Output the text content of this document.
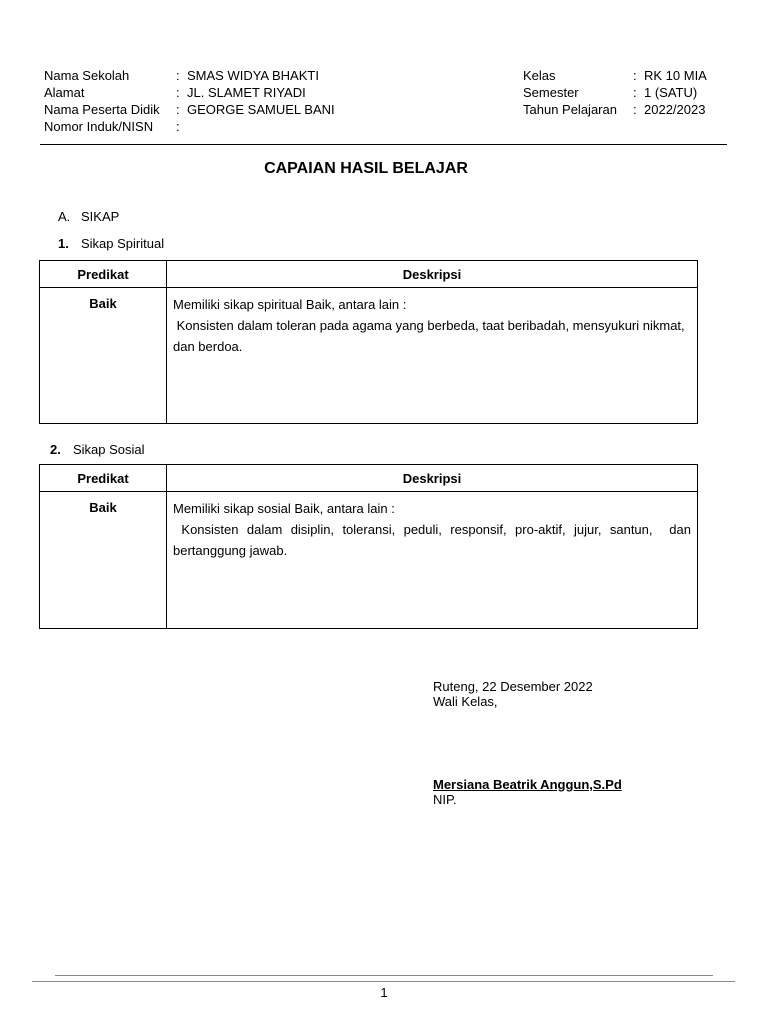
Nama Sekolah	: SMAS WIDYA BHAKTI
Alamat	: JL. SLAMET RIYADI
Nama Peserta Didik : GEORGE SAMUEL BANI
Nomor Induk/NISN :
Kelas	: RK 10 MIA
Semester	: 1 (SATU)
Tahun Pelajaran : 2022/2023
CAPAIAN HASIL BELAJAR
A. SIKAP
1. Sikap Spiritual
Predikat	Deskripsi
Baik	Memiliki sikap spiritual Baik, antara lain :
Konsisten dalam toleran pada agama yang berbeda, taat beribadah, mensyukuri nikmat, dan berdoa.
2. Sikap Sosial
Predikat	Deskripsi
Baik	Memiliki sikap sosial Baik, antara lain :
Konsisten dalam disiplin, toleransi, peduli, responsif, pro-aktif, jujur, santun,  dan bertanggung jawab.
Ruteng, 22 Desember 2022
Wali Kelas,
Mersiana Beatrik Anggun,S.Pd
NIP.
1
